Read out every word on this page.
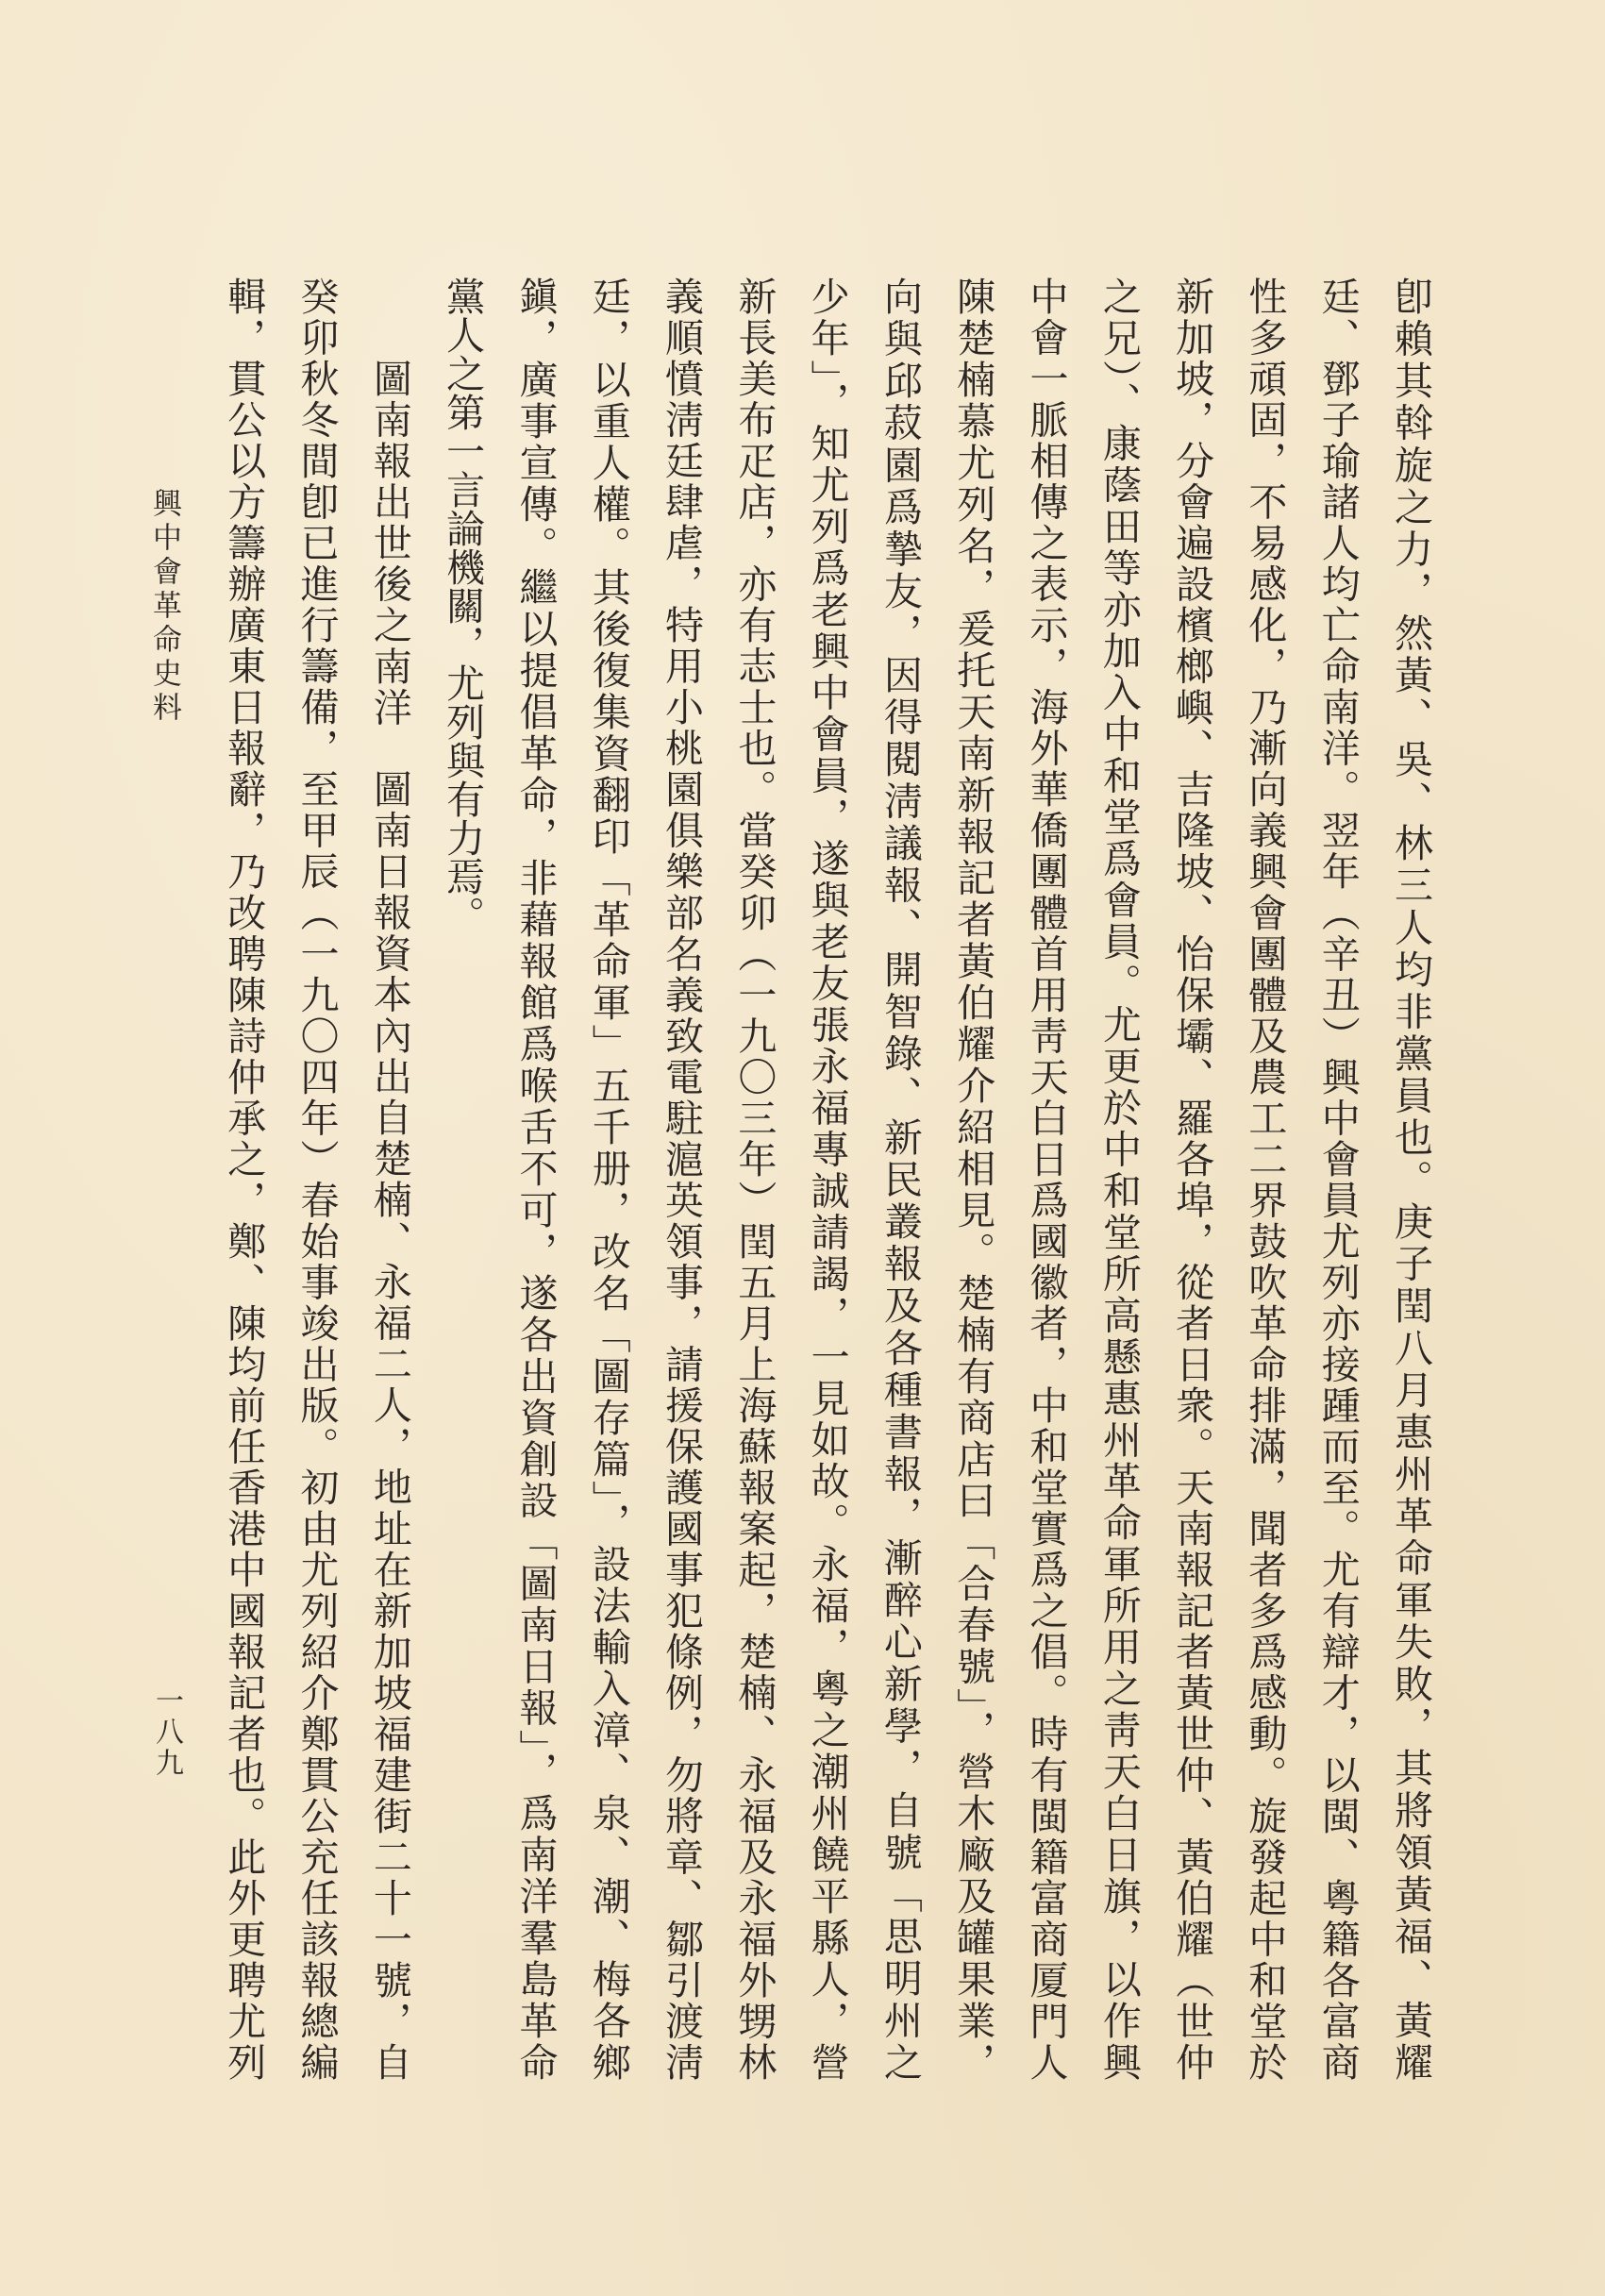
卽賴其斡旋之力，然黃、吳、林三人均非黨員也。庚子閏八月惠州革命軍失敗，其將領黃福、黃耀
廷、鄧子瑜諸人均亡命南洋。翌年（辛丑）興中會員尤列亦接踵而至。尤有辯才，以閩、粵籍各富商
性多頑固，不易感化，乃漸向義興會團體及農工二界鼓吹革命排滿，聞者多爲感動。旋發起中和堂於
新加坡，分會遍設檳榔嶼、吉隆坡、怡保壩、羅各埠，從者日衆。天南報記者黃世仲、黃伯耀（世仲
之兄）、康蔭田等亦加入中和堂爲會員。尤更於中和堂所高懸惠州革命軍所用之靑天白日旗，以作興
中會一脈相傳之表示，海外華僑團體首用靑天白日爲國徽者，中和堂實爲之倡。時有閩籍富商厦門人
陳楚楠慕尤列名，爰托天南新報記者黃伯耀介紹相見。楚楠有商店曰「合春號」，營木廠及罐果業，
向與邱菽園爲摯友，因得閱淸議報、開智錄、新民叢報及各種書報，漸醉心新學，自號「思明州之
少年」，知尤列爲老興中會員，遂與老友張永福專誠請謁，一見如故。永福，粵之潮州饒平縣人，營
新長美布疋店，亦有志士也。當癸卯（一九〇三年）閏五月上海蘇報案起，楚楠、永福及永福外甥林
義順憤淸廷肆虐，特用小桃園俱樂部名義致電駐滬英領事，請援保護國事犯條例，勿將章、鄒引渡淸
廷，以重人權。其後復集資翻印「革命軍」五千册，改名「圖存篇」，設法輸入漳、泉、潮、梅各鄉
鎭，廣事宣傳。繼以提倡革命，非藉報館爲喉舌不可，遂各出資創設「圖南日報」，爲南洋羣島革命
黨人之第一言論機關，尤列與有力焉。
圖南報出世後之南洋圖南日報資本內出自楚楠、永福二人，地址在新加坡福建街二十一號，自
癸卯秋冬間卽已進行籌備，至甲辰（一九〇四年）春始事竣出版。初由尤列紹介鄭貫公充任該報總編
輯，貫公以方籌辦廣東日報辭，乃改聘陳詩仲承之，鄭、陳均前任香港中國報記者也。此外更聘尤列
興中會革命史料
一八九
